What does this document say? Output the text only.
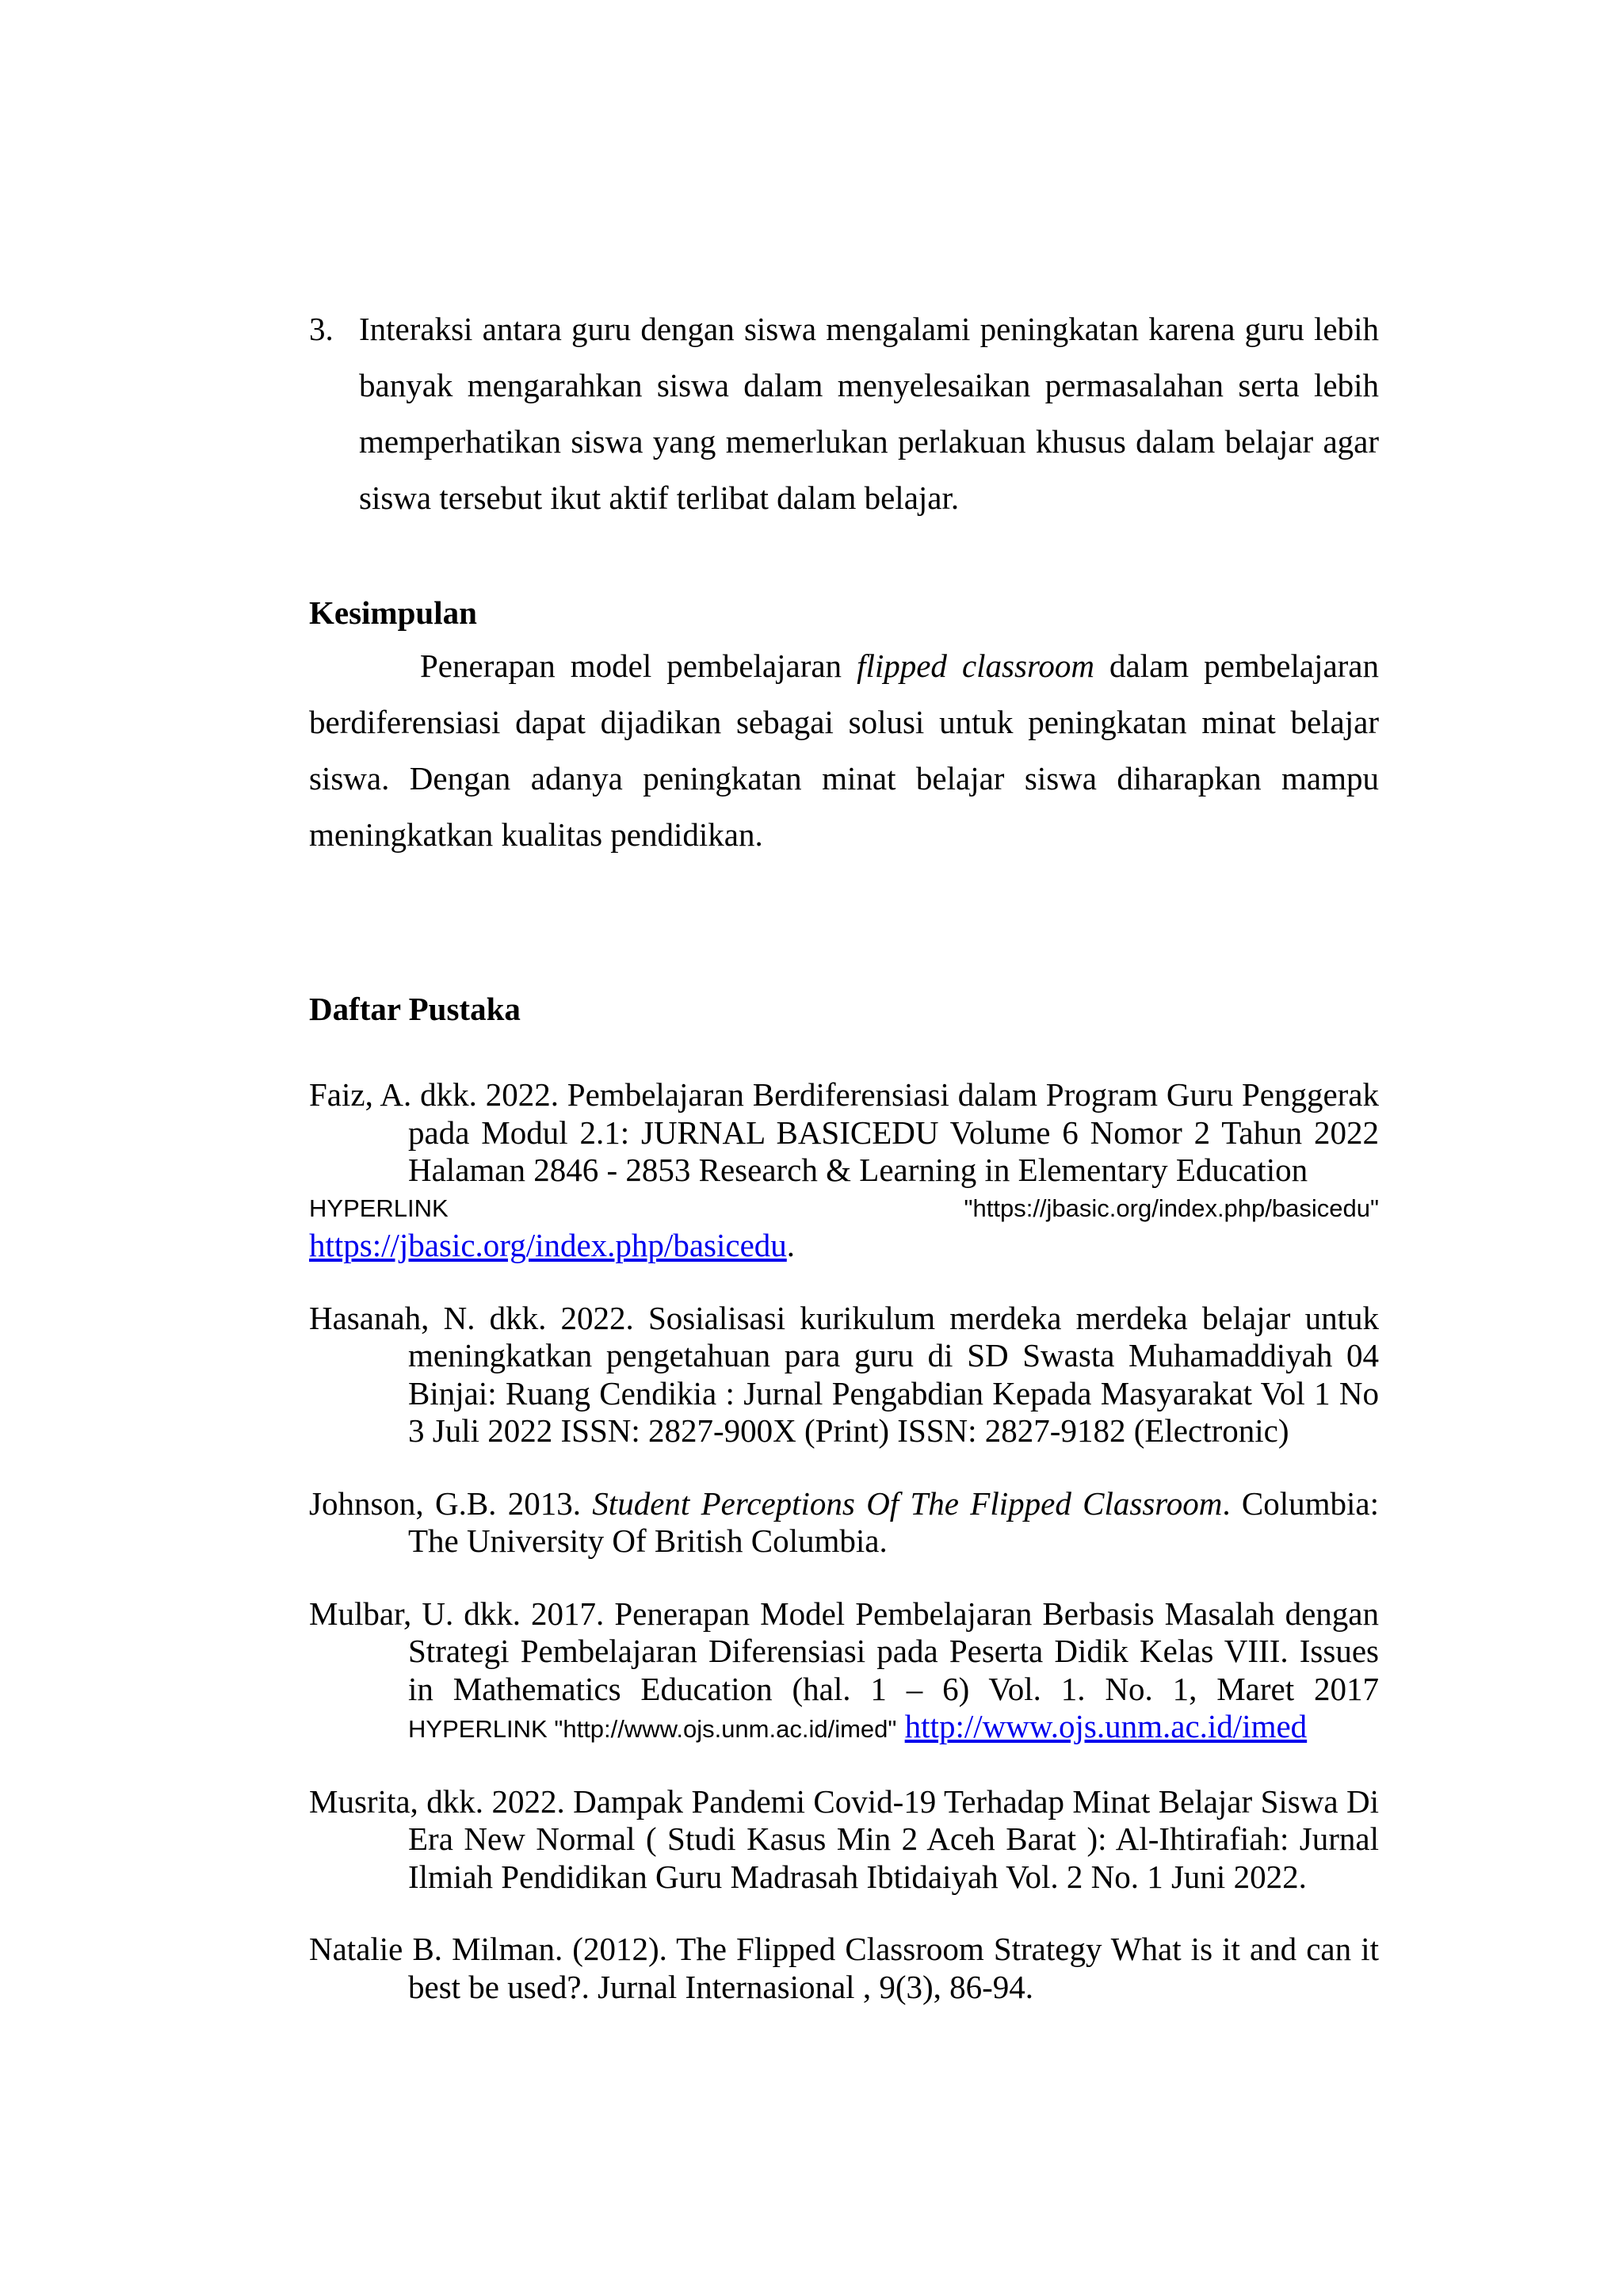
3. Interaksi antara guru dengan siswa mengalami peningkatan karena guru lebih banyak mengarahkan siswa dalam menyelesaikan permasalahan serta lebih memperhatikan siswa yang memerlukan perlakuan khusus dalam belajar agar siswa tersebut ikut aktif terlibat dalam belajar.
Kesimpulan
Penerapan model pembelajaran flipped classroom dalam pembelajaran berdiferensiasi dapat dijadikan sebagai solusi untuk peningkatan minat belajar siswa. Dengan adanya peningkatan minat belajar siswa diharapkan mampu meningkatkan kualitas pendidikan.
Daftar Pustaka
Faiz, A. dkk. 2022. Pembelajaran Berdiferensiasi dalam Program Guru Penggerak pada Modul 2.1: JURNAL BASICEDU Volume 6 Nomor 2 Tahun 2022 Halaman 2846 - 2853 Research & Learning in Elementary Education
HYPERLINK	"https://jbasic.org/index.php/basicedu"
https://jbasic.org/index.php/basicedu.
Hasanah, N. dkk. 2022. Sosialisasi kurikulum merdeka merdeka belajar untuk meningkatkan pengetahuan para guru di SD Swasta Muhamaddiyah 04 Binjai: Ruang Cendikia : Jurnal Pengabdian Kepada Masyarakat Vol 1 No 3 Juli 2022 ISSN: 2827-900X (Print) ISSN: 2827-9182 (Electronic)
Johnson, G.B. 2013. Student Perceptions Of The Flipped Classroom. Columbia: The University Of British Columbia.
Mulbar, U. dkk. 2017. Penerapan Model Pembelajaran Berbasis Masalah dengan Strategi Pembelajaran Diferensiasi pada Peserta Didik Kelas VIII. Issues in Mathematics Education (hal. 1 – 6) Vol. 1. No. 1, Maret 2017 HYPERLINK "http://www.ojs.unm.ac.id/imed" http://www.ojs.unm.ac.id/imed
Musrita, dkk. 2022. Dampak Pandemi Covid-19 Terhadap Minat Belajar Siswa Di Era New Normal ( Studi Kasus Min 2 Aceh Barat ): Al-Ihtirafiah: Jurnal Ilmiah Pendidikan Guru Madrasah Ibtidaiyah Vol. 2 No. 1 Juni 2022.
Natalie B. Milman. (2012). The Flipped Classroom Strategy What is it and can it best be used?. Jurnal Internasional , 9(3), 86-94.
